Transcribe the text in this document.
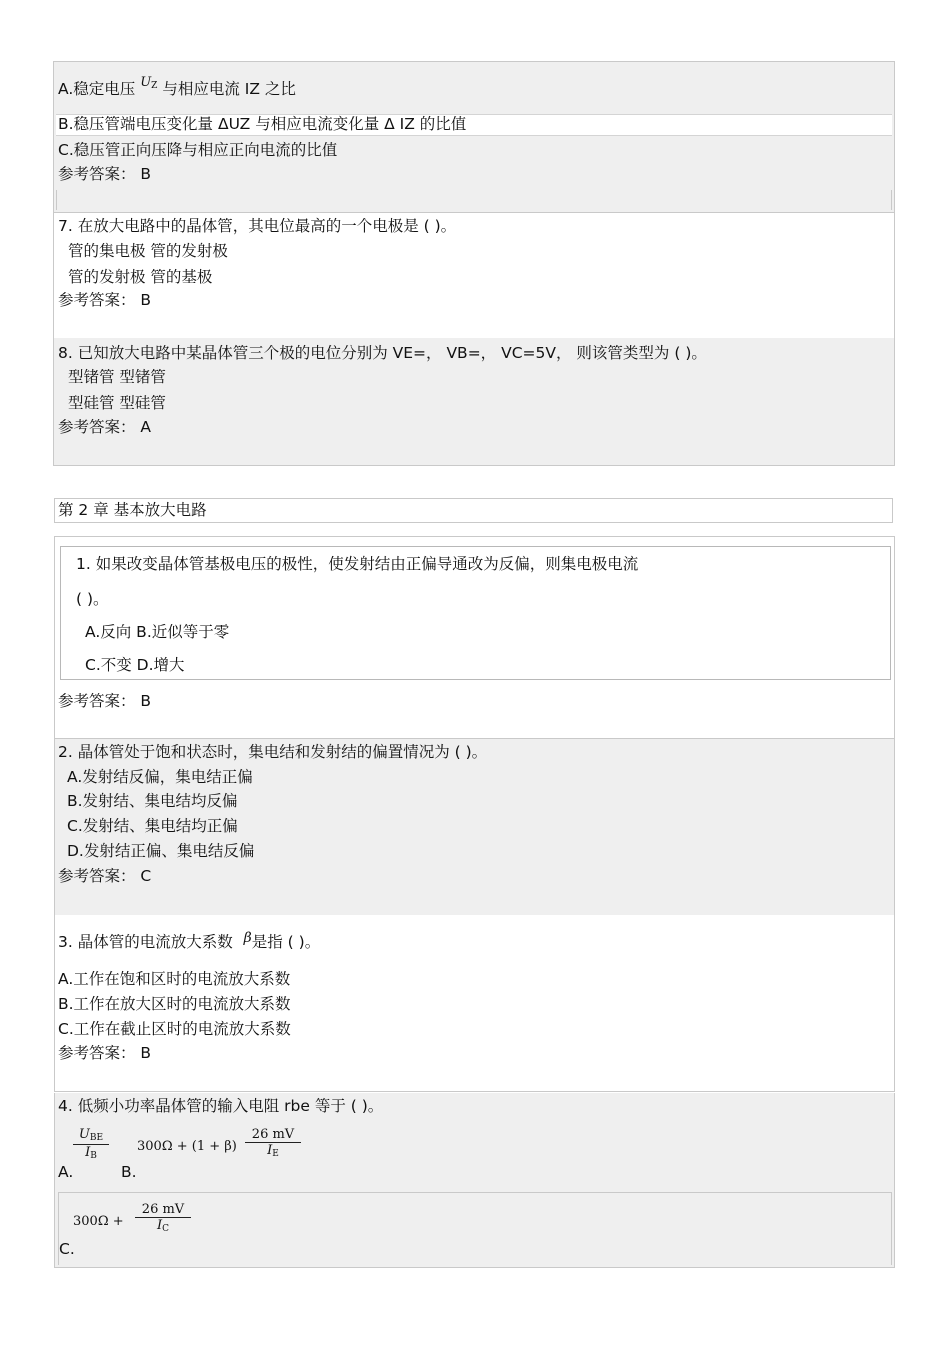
A.稳定电压 $^{U_Z}$ 与相应电流 IZ 之比
B.稳压管端电压变化量 ΔUZ 与相应电流变化量 Δ IZ 的比值
C.稳压管正向压降与相应正向电流的比值
参考答案： B
7. 在放大电路中的晶体管，其电位最高的一个电极是 ( )。
管的集电极 管的发射极
管的发射极 管的基极
参考答案： B
8. 已知放大电路中某晶体管三个极的电位分别为 VE=， VB=， VC=5V， 则该管类型为 ( )。
型锗管 型锗管
型硅管 型硅管
参考答案： A
第 2 章 基本放大电路
1. 如果改变晶体管基极电压的极性，使发射结由正偏导通改为反偏，则集电极电流
( )。
A.反向 B.近似等于零
C.不变 D.增大
参考答案： B
2. 晶体管处于饱和状态时，集电结和发射结的偏置情况为 ( )。
A.发射结反偏，集电结正偏
B.发射结、集电结均反偏
C.发射结、集电结均正偏
D.发射结正偏、集电结反偏
参考答案： C
3. 晶体管的电流放大系数 β是指 ( )。
A.工作在饱和区时的电流放大系数
B.工作在放大区时的电流放大系数
C.工作在截止区时的电流放大系数
参考答案： B
4. 低频小功率晶体管的输入电阻 rbe 等于 ( )。
$U_{BE}$
$I_B$
A.	B.
300Ω + (1 + β)
26 mV
$I_E$
300Ω +
26 mV
$I_C$
C.
